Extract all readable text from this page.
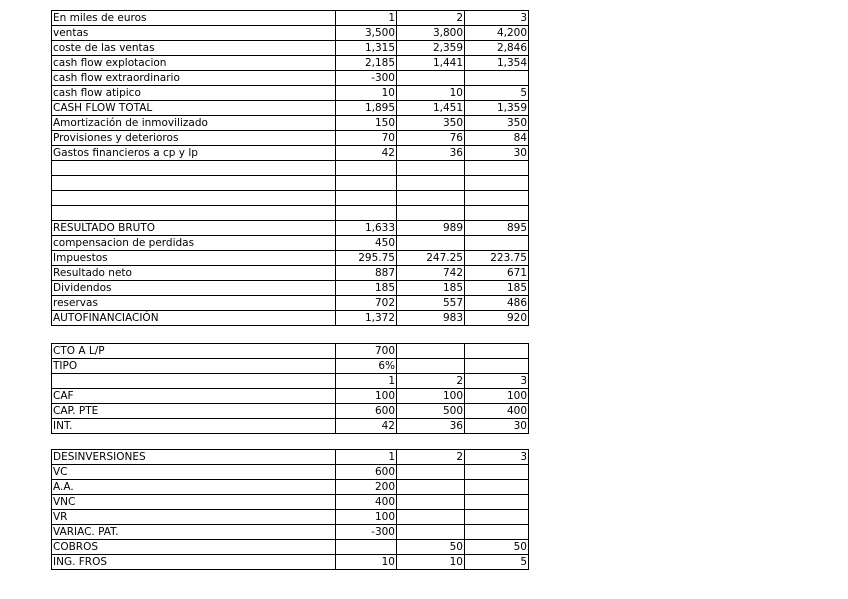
En miles de euros	1	2	3
ventas	3,500	3,800	4,200
coste de las ventas	1,315	2,359	2,846
cash flow explotacion	2,185	1,441	1,354
cash flow extraordinario	-300		
cash flow atipico	10	10	5
CASH FLOW TOTAL	1,895	1,451	1,359
Amortización de inmovilizado	150	350	350
Provisiones y deterioros	70	76	84
Gastos financieros a cp y lp	42	36	30

RESULTADO BRUTO	1,633	989	895
compensacion de perdidas	450		
Impuestos	295.75	247.25	223.75
Resultado neto	887	742	671
Dividendos	185	185	185
reservas	702	557	486
AUTOFINANCIACIÓN	1,372	983	920
CTO A L/P	700		
TIPO	6%		
	1	2	3
CAF	100	100	100
CAP. PTE	600	500	400
INT.	42	36	30
DESINVERSIONES	1	2	3
VC	600		
A.A.	200		
VNC	400		
VR	100		
VARIAC. PAT.	-300		
COBROS		50	50
ING. FROS	10	10	5
